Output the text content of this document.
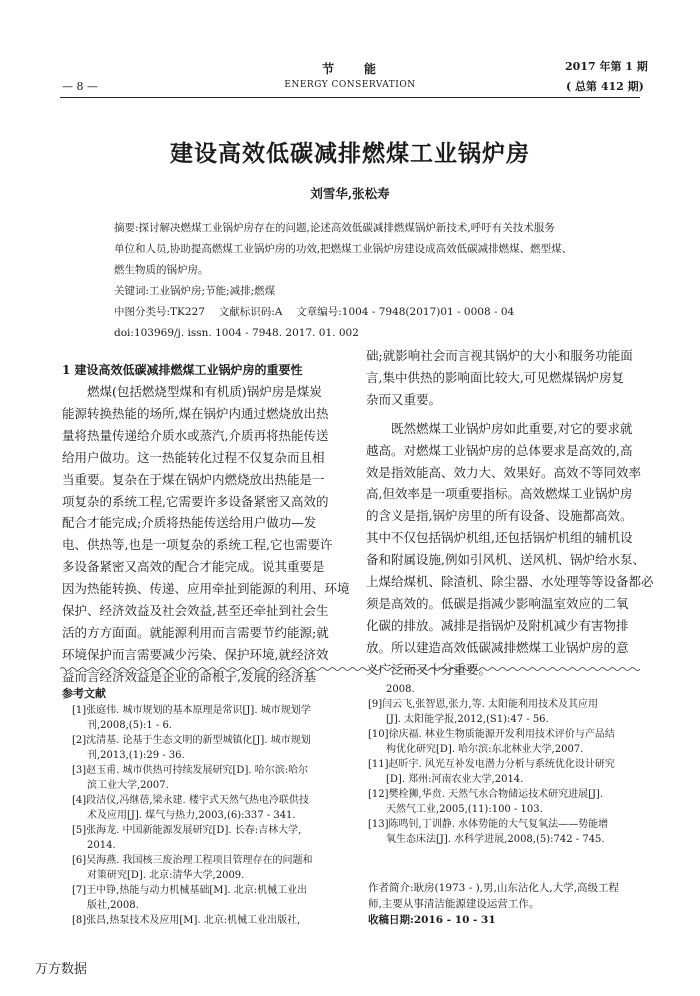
节　　能
ENERGY CONSERVATION
— 8 —
2017 年第 1 期
( 总第 412 期)
建设高效低碳减排燃煤工业锅炉房
刘雪华,张松寿
摘要:探讨解决燃煤工业锅炉房存在的问题,论述高效低碳减排燃煤锅炉新技术,呼吁有关技术服务
单位和人员,协助提高燃煤工业锅炉房的功效,把燃煤工业锅炉房建设成高效低碳减排燃煤、燃型煤、
燃生物质的锅炉房。
关键词:工业锅炉房;节能;减排;燃煤
中图分类号:TK227　 文献标识码:A　 文章编号:1004 - 7948(2017)01 - 0008 - 04
doi:103969/j. issn. 1004 - 7948. 2017. 01. 002
1 建设高效低碳减排燃煤工业锅炉房的重要性
燃煤(包括燃烧型煤和有机质)锅炉房是煤炭
能源转换热能的场所,煤在锅炉内通过燃烧放出热
量将热量传递给介质水或蒸汽,介质再将热能传送
给用户做功。这一热能转化过程不仅复杂而且相
当重要。复杂在于煤在锅炉内燃烧放出热能是一
项复杂的系统工程,它需要许多设备紧密又高效的
配合才能完成;介质将热能传送给用户做功—发
电、供热等,也是一项复杂的系统工程,它也需要许
多设备紧密又高效的配合才能完成。说其重要是
因为热能转换、传递、应用牵扯到能源的利用、环境
保护、经济效益及社会效益,甚至还牵扯到社会生
活的方方面面。就能源利用而言需要节约能源;就
环境保护而言需要减少污染、保护环境,就经济效
益而言经济效益是企业的命根子,发展的经济基
础;就影响社会而言视其锅炉的大小和服务功能面
言,集中供热的影响面比较大,可见燃煤锅炉房复
杂而又重要。
既然燃煤工业锅炉房如此重要,对它的要求就
越高。对燃煤工业锅炉房的总体要求是高效的,高
效是指效能高、效力大、效果好。高效不等同效率
高,但效率是一项重要指标。高效燃煤工业锅炉房
的含义是指,锅炉房里的所有设备、设施都高效。
其中不仅包括锅炉机组,还包括锅炉机组的辅机设
备和附属设施,例如引风机、送风机、锅炉给水泵、
上煤给煤机、除渣机、除尘器、水处理等等设备都必
须是高效的。低碳是指减少影响温室效应的二氧
化碳的排放。减排是指锅炉及附机减少有害物排
放。所以建造高效低碳减排燃煤工业锅炉房的意
义广泛而又十分重要。
参考文献
[1]张庭伟. 城市规划的基本原理是常识[J]. 城市规划学
刊,2008,(5):1 - 6.
[2]沈清基. 论基于生态文明的新型城镇化[J]. 城市规划
刊,2013,(1):29 - 36.
[3]赵玉甫. 城市供热可持续发展研究[D]. 哈尔滨:哈尔
滨工业大学,2007.
[4]段洁仪,冯继蓓,梁永建. 楼宇式天然气热电冷联供技
术及应用[J]. 煤气与热力,2003,(6):337 - 341.
[5]张海龙. 中国新能源发展研究[D]. 长春:吉林大学,
2014.
[6]吴海燕. 我国核三废治理工程项目管理存在的问题和
对策研究[D]. 北京:清华大学,2009.
[7]王中铮,热能与动力机械基础[M]. 北京:机械工业出
版社,2008.
[8]张昌,热泵技术及应用[M]. 北京:机械工业出版社,
2008.
[9]闫云飞,张智恩,张力,等. 太阳能利用技术及其应用
[J]. 太阳能学报,2012,(S1):47 - 56.
[10]徐庆福. 林业生物质能源开发利用技术评价与产品结
构优化研究[D]. 哈尔滨:东北林业大学,2007.
[11]赵昕宇. 风光互补发电潜力分析与系统优化设计研究
[D]. 郑州:河南农业大学,2014.
[12]樊栓狮,华贲. 天然气水合物储运技术研究进展[J].
天然气工业,2005,(11):100 - 103.
[13]陈鸣钊,丁训静. 水体势能的大气复氧法——势能增
氧生态床法[J]. 水科学进展,2008,(5):742 - 745.
作者简介:耿房(1973 - ),男,山东沾化人,大学,高级工程
师,主要从事清洁能源建设运营工作。
收稿日期:2016 - 10 - 31
万方数据
